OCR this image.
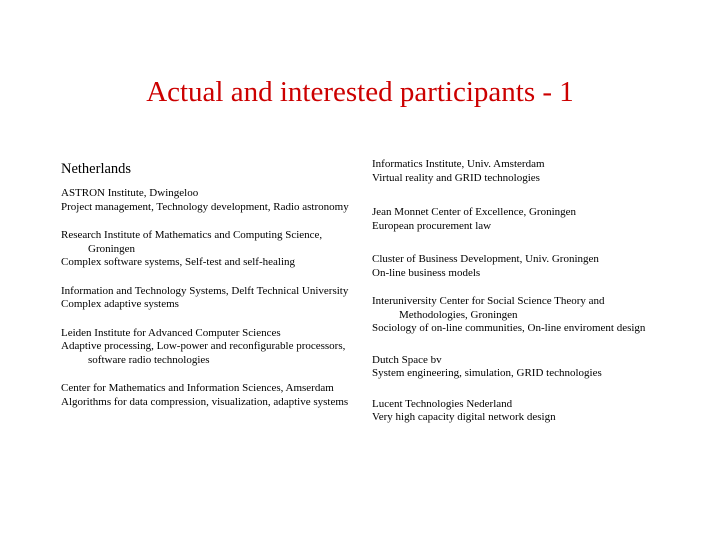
Actual and interested participants - 1
Netherlands
ASTRON Institute, Dwingeloo
Project management, Technology development, Radio astronomy
Research Institute of Mathematics and Computing Science, Groningen
Complex software systems, Self-test and self-healing
Information and Technology Systems, Delft Technical University
Complex adaptive systems
Leiden Institute for Advanced Computer Sciences
Adaptive processing, Low-power and reconfigurable processors, software radio technologies
Center for Mathematics and Information Sciences, Amserdam
Algorithms for data compression, visualization, adaptive systems
Informatics Institute, Univ. Amsterdam
Virtual reality and GRID technologies
Jean Monnet Center of Excellence, Groningen
European procurement law
Cluster of Business Development, Univ. Groningen
On-line business models
Interuniversity Center for Social Science Theory and Methodologies, Groningen
Sociology of on-line communities, On-line enviroment design
Dutch Space bv
System engineering, simulation, GRID technologies
Lucent Technologies Nederland
Very high capacity digital network design
